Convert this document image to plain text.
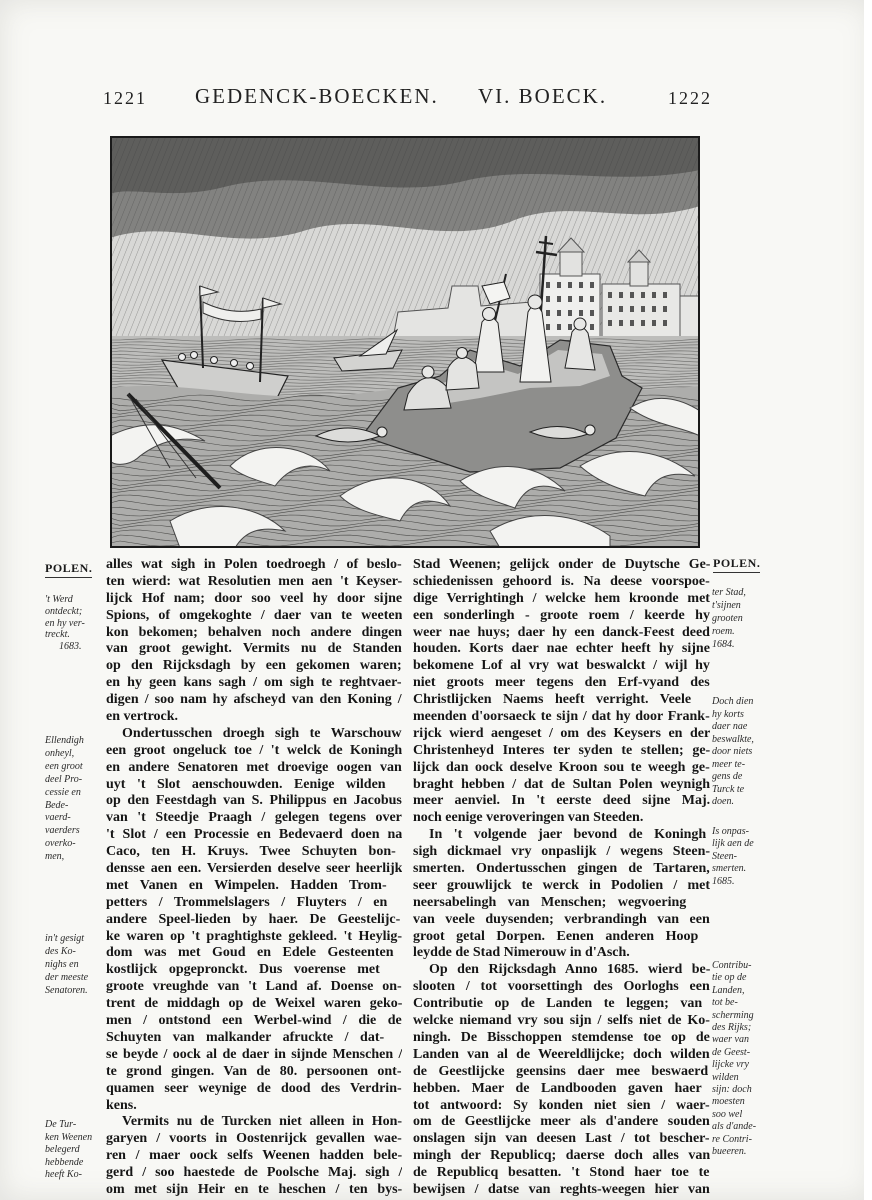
1221 GEDENCK-BOECKEN. VI. BOECK.	1222
POLEN.
't Werd
ontdeckt;
en hy ver-
treckt.
1683.
Ellendigh
onheyl,
een groot
deel Pro-
cessie en
Bede-
vaerd-
vaerders
overko-
men,
in't gesigt
des Ko-
nighs en
der meeste
Senatoren.
De Tur-
ken Weenen
belegerd
hebbende
heeft Ko-
alles wat sigh in Polen toedroegh / of beslo-
ten wierd: wat Resolutien men aen 't Keyser-
lijck Hof nam; door soo veel hy door sijne
Spions, of omgekoghte / daer van te weeten
kon bekomen; behalven noch andere dingen
van groot gewight. Vermits nu de Standen
op den Rijcksdagh by een gekomen waren;
en hy geen kans sagh / om sigh te reghtvaer-
digen / soo nam hy afscheyd van den Koning /
en vertrock.
Ondertusschen droegh sigh te Warschouw
een groot ongeluck toe / 't welck de Koningh
en andere Senatoren met droevige oogen van
uyt 't Slot aenschouwden. Eenige wilden
op den Feestdagh van S. Philippus en Jacobus
van 't Steedje Praagh / gelegen tegens over
't Slot / een Processie en Bedevaerd doen na
Caco, ten H. Kruys. Twee Schuyten bon-
densse aen een. Versierden deselve seer heerlijk
met Vanen en Wimpelen. Hadden Trom-
petters / Trommelslagers / Fluyters / en
andere Speel-lieden by haer. De Geestelijc-
ke waren op 't praghtighste gekleed. 't Heylig-
dom was met Goud en Edele Gesteenten
kostlijck opgepronckt. Dus voerense met
groote vreughde van 't Land af. Doense on-
trent de middagh op de Weixel waren geko-
men / ontstond een Werbel-wind / die de
Schuyten van malkander afruckte / dat-
se beyde / oock al de daer in sijnde Menschen /
te grond gingen. Van de 80. persoonen ont-
quamen seer weynige de dood des Verdrin-
kens.
Vermits nu de Turcken niet alleen in Hon-
garyen / voorts in Oostenrijck gevallen wae-
ren / maer oock selfs Weenen hadden bele-
gerd / soo haestede de Poolsche Maj. sigh /
om met sijn Heir en te heschen / ten bys-
Stad Weenen; gelijck onder de Duytsche Ge-
schiedenissen gehoord is. Na deese voorspoe-
dige Verrightingh / welcke hem kroonde met
een sonderlingh - groote roem / keerde hy
weer nae huys; daer hy een danck-Feest deed
houden. Korts daer nae echter heeft hy sijne
bekomene Lof al vry wat beswalckt / wijl hy
niet groots meer tegens den Erf-vyand des
Christlijcken Naems heeft verright. Veele
meenden d'oorsaeck te sijn / dat hy door Frank-
rijck wierd aengeset / om des Keysers en der
Christenheyd Interes ter syden te stellen; ge-
lijck dan oock deselve Kroon sou te weegh ge-
braght hebben / dat de Sultan Polen weynigh
meer aenviel. In 't eerste deed sijne Maj.
noch eenige veroveringen van Steeden.
In 't volgende jaer bevond de Koningh
sigh dickmael vry onpaslijk / wegens Steen-
smerten. Ondertusschen gingen de Tartaren,
seer grouwlijck te werck in Podolien / met
neersabelingh van Menschen; wegvoering
van veele duysenden; verbrandingh van een
groot getal Dorpen. Eenen anderen Hoop
leydde de Stad Nimerouw in d'Asch.
Op den Rijcksdagh Anno 1685. wierd be-
slooten / tot voorsettingh des Oorloghs een
Contributie op de Landen te leggen; van
welcke niemand vry sou sijn / selfs niet de Ko-
ningh. De Bisschoppen stemdense toe op de
Landen van al de Weereldlijcke; doch wilden
de Geestlijcke geensins daer mee beswaerd
hebben. Maer de Landbooden gaven haer
tot antwoord: Sy konden niet sien / waer-
om de Geestlijcke meer als d'andere souden
onslagen sijn van deesen Last / tot bescher-
mingh der Republicq; daerse doch alles van
de Republicq besatten. 't Stond haer toe te
bewijsen / datse van reghts-weegen hier van
POLEN.
ter Stad,
t'sijnen
grooten
roem.
1684.
Doch dien
hy korts
daer nae
beswalkte,
door niets
meer te-
gens de
Turck te
doen.
Is onpas-
lijk aen de
Steen-
smerten.
1685.
Contribu-
tie op de
Landen,
tot be-
scherming
des Rijks;
waer van
de Geest-
lijcke vry
wilden
sijn: doch
moesten
soo wel
als d'ande-
re Contri-
bueeren.
